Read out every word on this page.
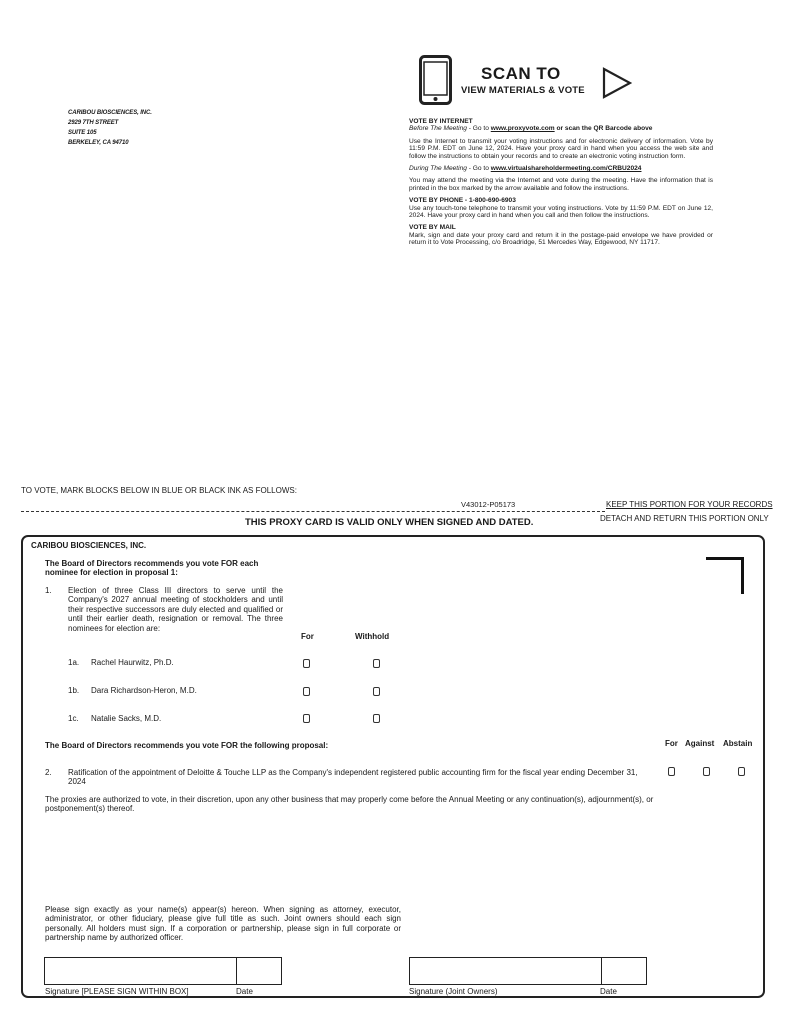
CARIBOU BIOSCIENCES, INC.
2929 7TH STREET
SUITE 105
BERKELEY, CA 94710
SCAN TO
VIEW MATERIALS & VOTE
VOTE BY INTERNET
Before The Meeting - Go to www.proxyvote.com or scan the QR Barcode above
Use the Internet to transmit your voting instructions and for electronic delivery of information. Vote by 11:59 P.M. EDT on June 12, 2024. Have your proxy card in hand when you access the web site and follow the instructions to obtain your records and to create an electronic voting instruction form.
During The Meeting - Go to www.virtualshareholdermeeting.com/CRBU2024
You may attend the meeting via the Internet and vote during the meeting. Have the information that is printed in the box marked by the arrow available and follow the instructions.
VOTE BY PHONE - 1-800-690-6903
Use any touch-tone telephone to transmit your voting instructions. Vote by 11:59 P.M. EDT on June 12, 2024. Have your proxy card in hand when you call and then follow the instructions.
VOTE BY MAIL
Mark, sign and date your proxy card and return it in the postage-paid envelope we have provided or return it to Vote Processing, c/o Broadridge, 51 Mercedes Way, Edgewood, NY 11717.
TO VOTE, MARK BLOCKS BELOW IN BLUE OR BLACK INK AS FOLLOWS:
V43012-P05173	KEEP THIS PORTION FOR YOUR RECORDS
DETACH AND RETURN THIS PORTION ONLY
THIS PROXY CARD IS VALID ONLY WHEN SIGNED AND DATED.
CARIBOU BIOSCIENCES, INC.
The Board of Directors recommends you vote FOR each
nominee for election in proposal 1:
1. Election of three Class III directors to serve until the Company's 2027 annual meeting of stockholders and until their respective successors are duly elected and qualified or until their earlier death, resignation or removal. The three nominees for election are:
For	Withhold
1a. Rachel Haurwitz, Ph.D.
1b. Dara Richardson-Heron, M.D.
1c. Natalie Sacks, M.D.
The Board of Directors recommends you vote FOR the following proposal:	For Against Abstain
2. Ratification of the appointment of Deloitte & Touche LLP as the Company's independent registered public accounting firm for the fiscal year ending December 31, 2024
The proxies are authorized to vote, in their discretion, upon any other business that may properly come before the Annual Meeting or any continuation(s), adjournment(s), or postponement(s) thereof.
Please sign exactly as your name(s) appear(s) hereon. When signing as attorney, executor, administrator, or other fiduciary, please give full title as such. Joint owners should each sign personally. All holders must sign. If a corporation or partnership, please sign in full corporate or partnership name by authorized officer.
Signature [PLEASE SIGN WITHIN BOX]	Date	Signature (Joint Owners)	Date
